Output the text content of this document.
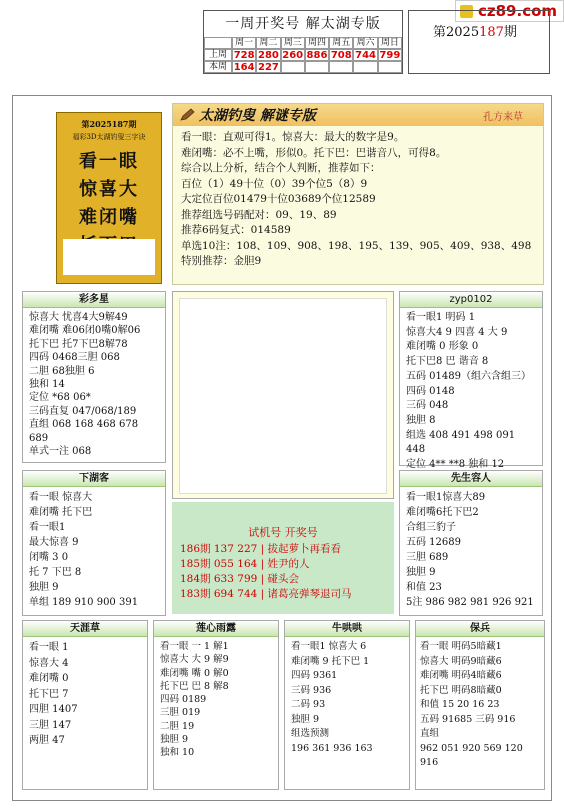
cz89.com
一周开奖号 解太湖专版
周一 周二 周三 周四 周五 周六 周日
上周 728 280 260 886 708 744 799
本周 164 227
第2025187期
第2025187期
福彩3D太湖钓叟三字诀
看一眼
惊喜大
难闭嘴
太湖钓叟 解谜专版	孔方来草
看一眼：直观可得1。惊喜大：最大的数字是9。
难闭嘴：必不上嘴，形似0。托下巴：巴谐音八，可得8。
综合以上分析，结合个人判断，推荐如下：
百位（1）49十位（0）39个位5（8）9
大定位百位01479十位03689个位12589
推荐组选号码配对：09、19、89
推荐6码复式：014589
单选10注：108、109、908、198、195、139、905、409、938、498
特别推荐：金胆9
彩多星
惊喜大 忧喜4大9解49
难闭嘴 难06闭0嘴0解06
托下巴 托7下巴8解78
四码 0468三胆 068
二胆 68独胆 6
独和 14
定位 *68 06*
三码直复 047/068/189
直组 068 168 468 678 689
单式一注 068
下湖客
看一眼 惊喜大
难闭嘴 托下巴
看一眼1
最大惊喜 9
闭嘴 3 0
托 7 下巴 8
独胆 9
单组 189 910 900 391
试机号 开奖号
186期 137 227 | 拔起萝卜再看看
185期 055 164 | 姓尹的人
184期 633 799 | 碰头会
183期 694 744 | 诸葛亮弹琴退司马
zyp0102
看一眼1 明码 1
惊喜大4 9 四喜 4 大 9
难闭嘴 0 形象 0
托下巴8 巴 谐音 8
五码 01489（组六含组三）
四码 0148
三码 048
独胆 8
组选 408 491 498 091 448
定位 4** **8 独和 12
先生容人
看一眼1惊喜大89
难闭嘴6托下巴2
合组三豹子
五码 12689
三胆 689
独胆 9
和值 23
5注 986 982 981 926 921
天涯草
看一眼 1
惊喜大 4
难闭嘴 0
托下巴 7
四胆 1407
三胆 147
两胆 47
莲心雨露
看一眼 一 1 解1
惊喜大 大 9 解9
难闭嘴 嘴 0 解0
托下巴 巴 8 解8
四码 0189
三胆 019
二胆 19
独胆 9
独和 10
牛哄哄
看一眼1 惊喜大 6
难闭嘴 9 托下巴 1
四码 9361
三码 936
二码 93
独胆 9
组选预测
196 361 936 163
保兵
看一眼 明码5暗藏1
惊喜大 明码9暗藏6
难闭嘴 明码4暗藏6
托下巴 明码8暗藏0
和值 15 20 16 23
五码 91685 三码 916
直组
962 051 920 569 120 916
